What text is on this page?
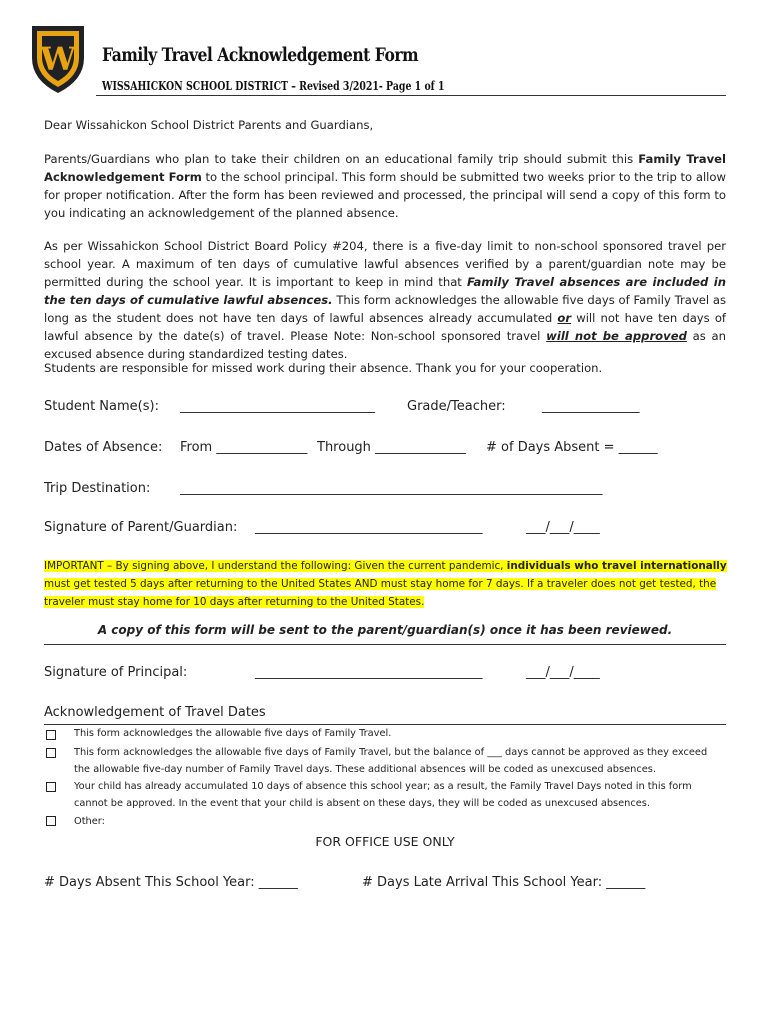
W Family Travel Acknowledgement Form
WISSAHICKON SCHOOL DISTRICT – Revised 3/2021- Page 1 of 1

Dear Wissahickon School District Parents and Guardians,

Parents/Guardians who plan to take their children on an educational family trip should submit this Family Travel Acknowledgement Form to the school principal. This form should be submitted two weeks prior to the trip to allow for proper notification. After the form has been reviewed and processed, the principal will send a copy of this form to you indicating an acknowledgement of the planned absence.

As per Wissahickon School District Board Policy #204, there is a five-day limit to non-school sponsored travel per school year. A maximum of ten days of cumulative lawful absences verified by a parent/guardian note may be permitted during the school year. It is important to keep in mind that Family Travel absences are included in the ten days of cumulative lawful absences. This form acknowledges the allowable five days of Family Travel as long as the student does not have ten days of lawful absences already accumulated or will not have ten days of lawful absence by the date(s) of travel. Please Note: Non-school sponsored travel will not be approved as an excused absence during standardized testing dates.

Students are responsible for missed work during their absence. Thank you for your cooperation.

Student Name(s): ______________________________ Grade/Teacher:	_______________
Dates of Absence: From ______________ Through ______________ # of Days Absent = ______
Trip Destination: _________________________________________________________________
Signature of Parent/Guardian: ___________________________________	___/___/____
IMPORTANT – By signing above, I understand the following: Given the current pandemic, individuals who travel internationally must get tested 5 days after returning to the United States AND must stay home for 7 days. If a traveler does not get tested, the traveler must stay home for 10 days after returning to the United States.
A copy of this form will be sent to the parent/guardian(s) once it has been reviewed.
Signature of Principal:	___________________________________	___/___/____
Acknowledgement of Travel Dates
This form acknowledges the allowable five days of Family Travel.
This form acknowledges the allowable five days of Family Travel, but the balance of ___ days cannot be approved as they exceed the allowable five-day number of Family Travel days. These additional absences will be coded as unexcused absences.
Your child has already accumulated 10 days of absence this school year; as a result, the Family Travel Days noted in this form cannot be approved. In the event that your child is absent on these days, they will be coded as unexcused absences.
Other:
FOR OFFICE USE ONLY
# Days Absent This School Year: ______	# Days Late Arrival This School Year: ______
